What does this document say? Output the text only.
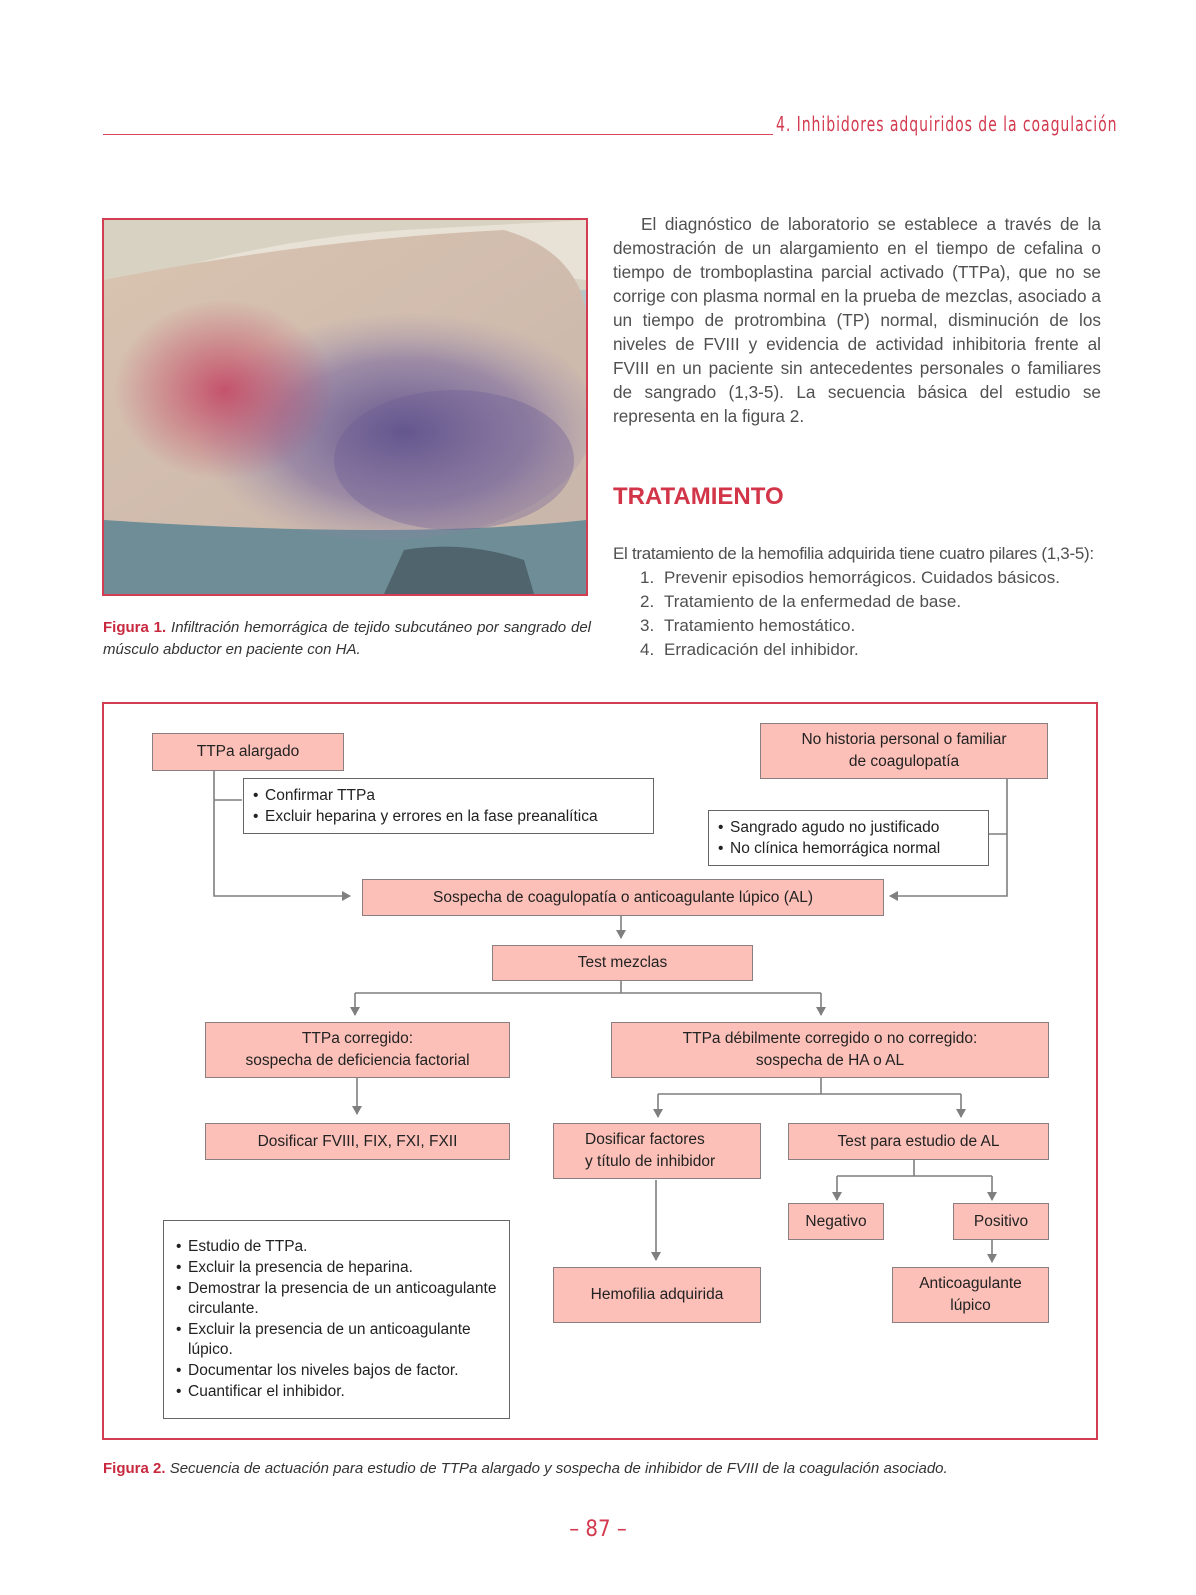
4. Inhibidores adquiridos de la coagulación
Figura 1. Infiltración hemorrágica de tejido subcutáneo por sangrado del músculo abductor en paciente con HA.

El diagnóstico de laboratorio se establece a través de la demostración de un alargamiento en el tiempo de cefalina o tiempo de tromboplastina parcial activado (TTPa), que no se corrige con plasma normal en la prueba de mezclas, asociado a un tiempo de protrombina (TP) normal, disminución de los niveles de FVIII y evidencia de actividad inhibitoria frente al FVIII en un paciente sin antecedentes personales o familiares de sangrado (1,3-5). La secuencia básica del estudio se representa en la figura 2.

TRATAMIENTO
El tratamiento de la hemofilia adquirida tiene cuatro pilares (1,3-5):
1. Prevenir episodios hemorrágicos. Cuidados básicos.
2. Tratamiento de la enfermedad de base.
3. Tratamiento hemostático.
4. Erradicación del inhibidor.
TTPa alargado
• Confirmar TTPa
• Excluir heparina y errores en la fase preanalítica
No historia personal o familiar
de coagulopatía
• Sangrado agudo no justificado
• No clínica hemorrágica normal
Sospecha de coagulopatía o anticoagulante lúpico (AL)
Test mezclas
TTPa corregido:
sospecha de deficiencia factorial
TTPa débilmente corregido o no corregido:
sospecha de HA o AL
Dosificar FVIII, FIX, FXI, FXII	Dosificar factores
y título de inhibidor
Test para estudio de AL
Negativo	Positivo
Hemofilia adquirida
Anticoagulante
lúpico
• Estudio de TTPa.
• Excluir la presencia de heparina.
• Demostrar la presencia de un anticoagulante circulante.
• Excluir la presencia de un anticoagulante lúpico.
• Documentar los niveles bajos de factor.
• Cuantificar el inhibidor.
Figura 2. Secuencia de actuación para estudio de TTPa alargado y sospecha de inhibidor de FVIII de la coagulación asociado.
– 87 –
